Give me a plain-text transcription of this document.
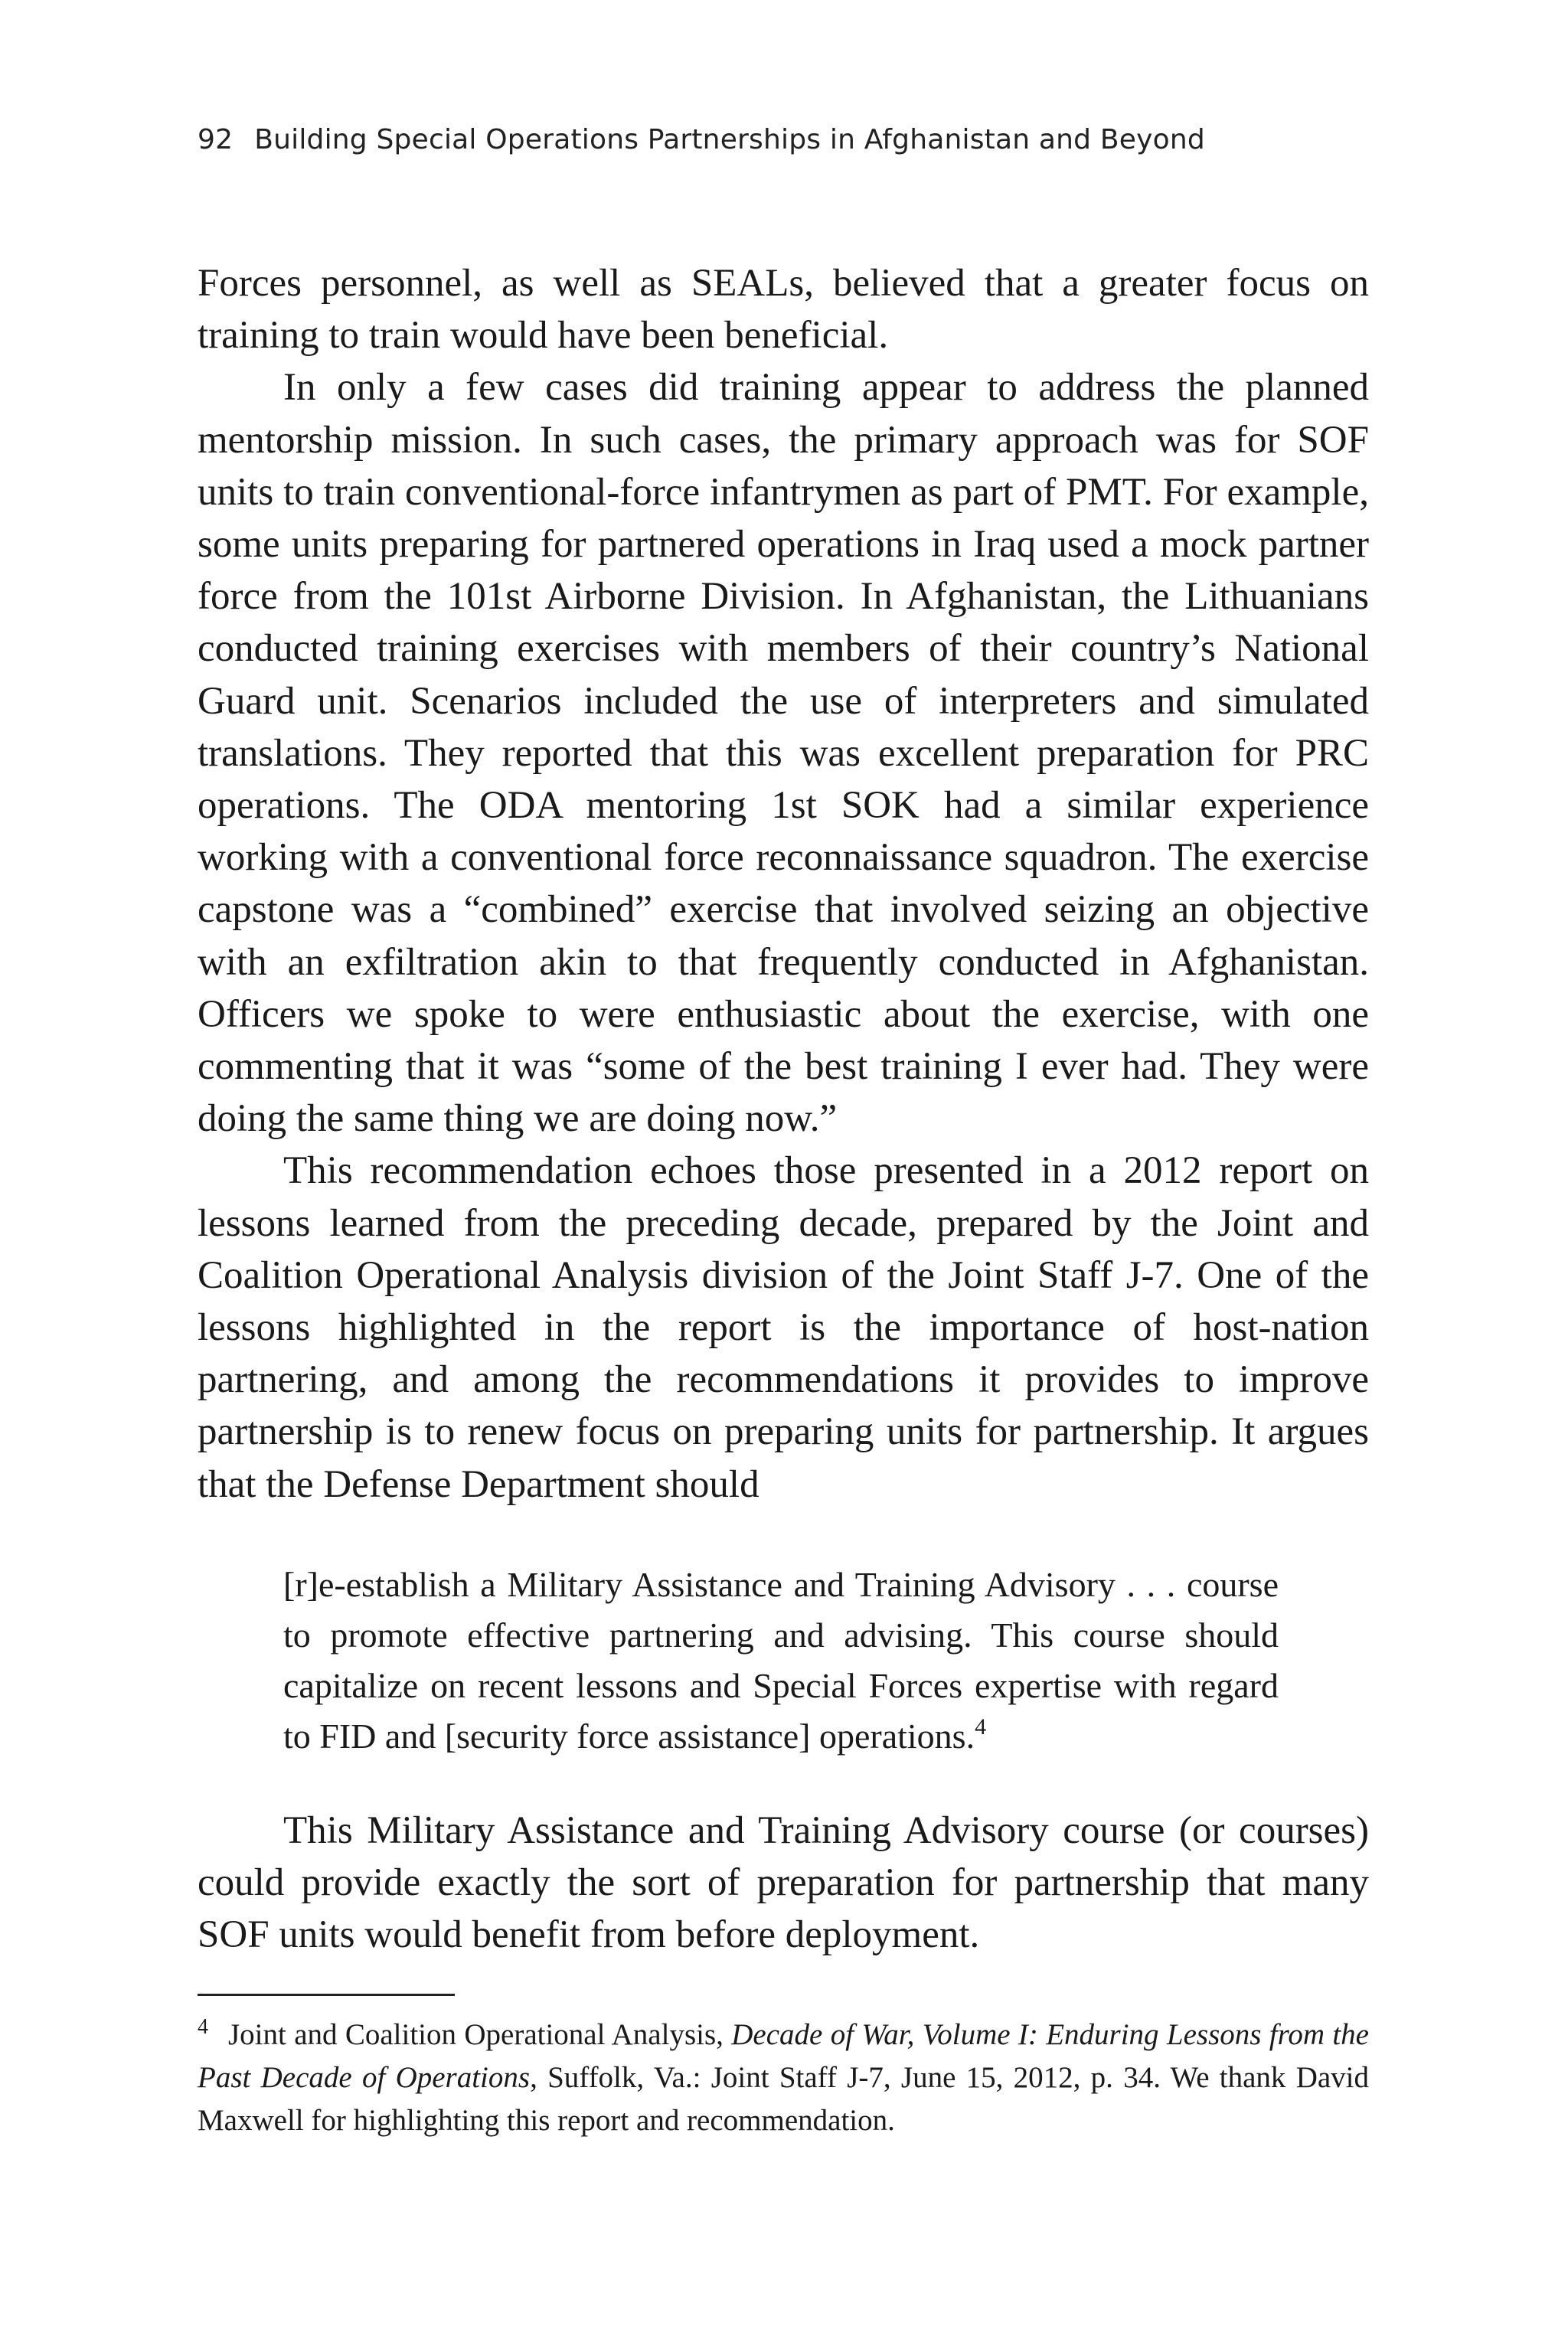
92 Building Special Operations Partnerships in Afghanistan and Beyond

Forces personnel, as well as SEALs, believed that a greater focus on training to train would have been beneficial.

In only a few cases did training appear to address the planned mentorship mission. In such cases, the primary approach was for SOF units to train conventional-force infantrymen as part of PMT. For example, some units preparing for partnered operations in Iraq used a mock partner force from the 101st Airborne Division. In Afghanistan, the Lithuanians conducted training exercises with members of their country’s National Guard unit. Scenarios included the use of interpreters and simulated translations. They reported that this was excellent preparation for PRC operations. The ODA mentoring 1st SOK had a similar experience working with a conventional force reconnaissance squadron. The exercise capstone was a “combined” exercise that involved seizing an objective with an exfiltration akin to that frequently conducted in Afghanistan. Officers we spoke to were enthusiastic about the exercise, with one commenting that it was “some of the best training I ever had. They were doing the same thing we are doing now.”

This recommendation echoes those presented in a 2012 report on lessons learned from the preceding decade, prepared by the Joint and Coalition Operational Analysis division of the Joint Staff J-7. One of the lessons highlighted in the report is the importance of host-nation partnering, and among the recommendations it provides to improve partnership is to renew focus on preparing units for partnership. It argues that the Defense Department should

[r]e-establish a Military Assistance and Training Advisory . . . course to promote effective partnering and advising. This course should capitalize on recent lessons and Special Forces expertise with regard to FID and [security force assistance] operations.$^4$

This Military Assistance and Training Advisory course (or courses) could provide exactly the sort of preparation for partnership that many SOF units would benefit from before deployment.

$^4$ Joint and Coalition Operational Analysis, Decade of War, Volume I: Enduring Lessons from the Past Decade of Operations, Suffolk, Va.: Joint Staff J-7, June 15, 2012, p. 34. We thank David Maxwell for highlighting this report and recommendation.
